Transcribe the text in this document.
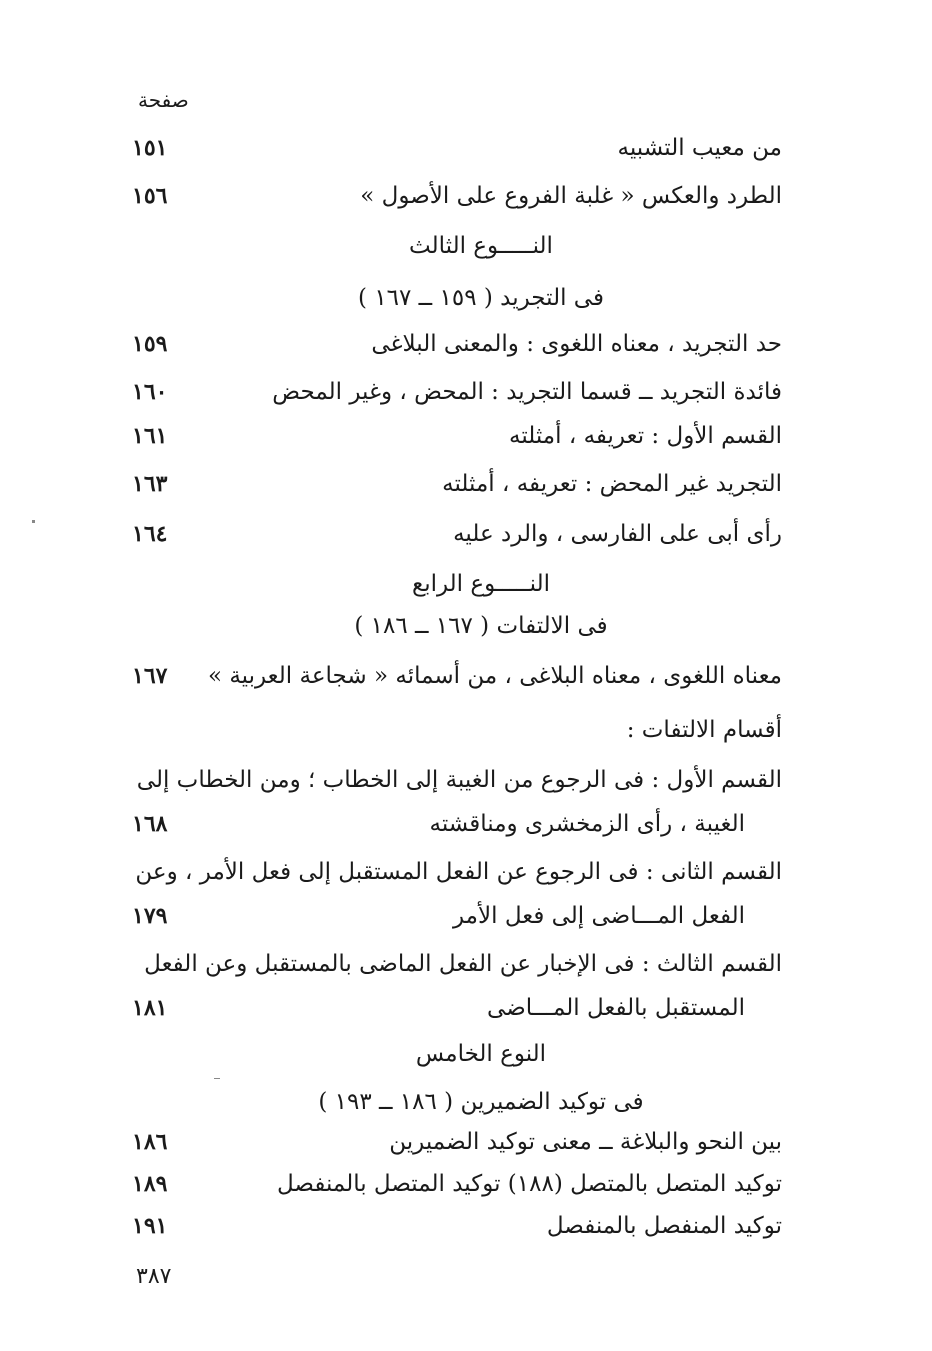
صفحة
من معيب التشبيه
١٥١
الطرد والعكس « غلبة الفروع على الأصول »
١٥٦
النـــــوع الثالث
فى التجريد ( ١٥٩ ــ ١٦٧ )
حد التجريد ، معناه اللغوى : والمعنى البلاغى
١٥٩
فائدة التجريد ــ قسما التجريد : المحض ، وغير المحض
١٦٠
القسم الأول : تعريفه ، أمثلته
١٦١
التجريد غير المحض : تعريفه ، أمثلته
١٦٣
رأى أبى على الفارسى ، والرد عليه
١٦٤
النـــــوع الرابع
فى الالتفات ( ١٦٧ ــ ١٨٦ )
معناه اللغوى ، معناه البلاغى ، من أسمائه « شجاعة العربية »
١٦٧
أقسام الالتفات :
القسم الأول : فى الرجوع من الغيبة إلى الخطاب ؛ ومن الخطاب إلى
الغيبة ، رأى الزمخشرى ومناقشته
١٦٨
القسم الثانى : فى الرجوع عن الفعل المستقبل إلى فعل الأمر ، وعن
الفعل المـــاضى إلى فعل الأمر
١٧٩
القسم الثالث : فى الإخبار عن الفعل الماضى بالمستقبل وعن الفعل
المستقبل بالفعل المـــاضى
١٨١
النوع الخامس
فى توكيد الضميرين ( ١٨٦ ــ ١٩٣ )
بين النحو والبلاغة ــ معنى توكيد الضميرين
١٨٦
توكيد المتصل بالمتصل (١٨٨) توكيد المتصل بالمنفصل
١٨٩
توكيد المنفصل بالمنفصل
١٩١
٣٨٧
